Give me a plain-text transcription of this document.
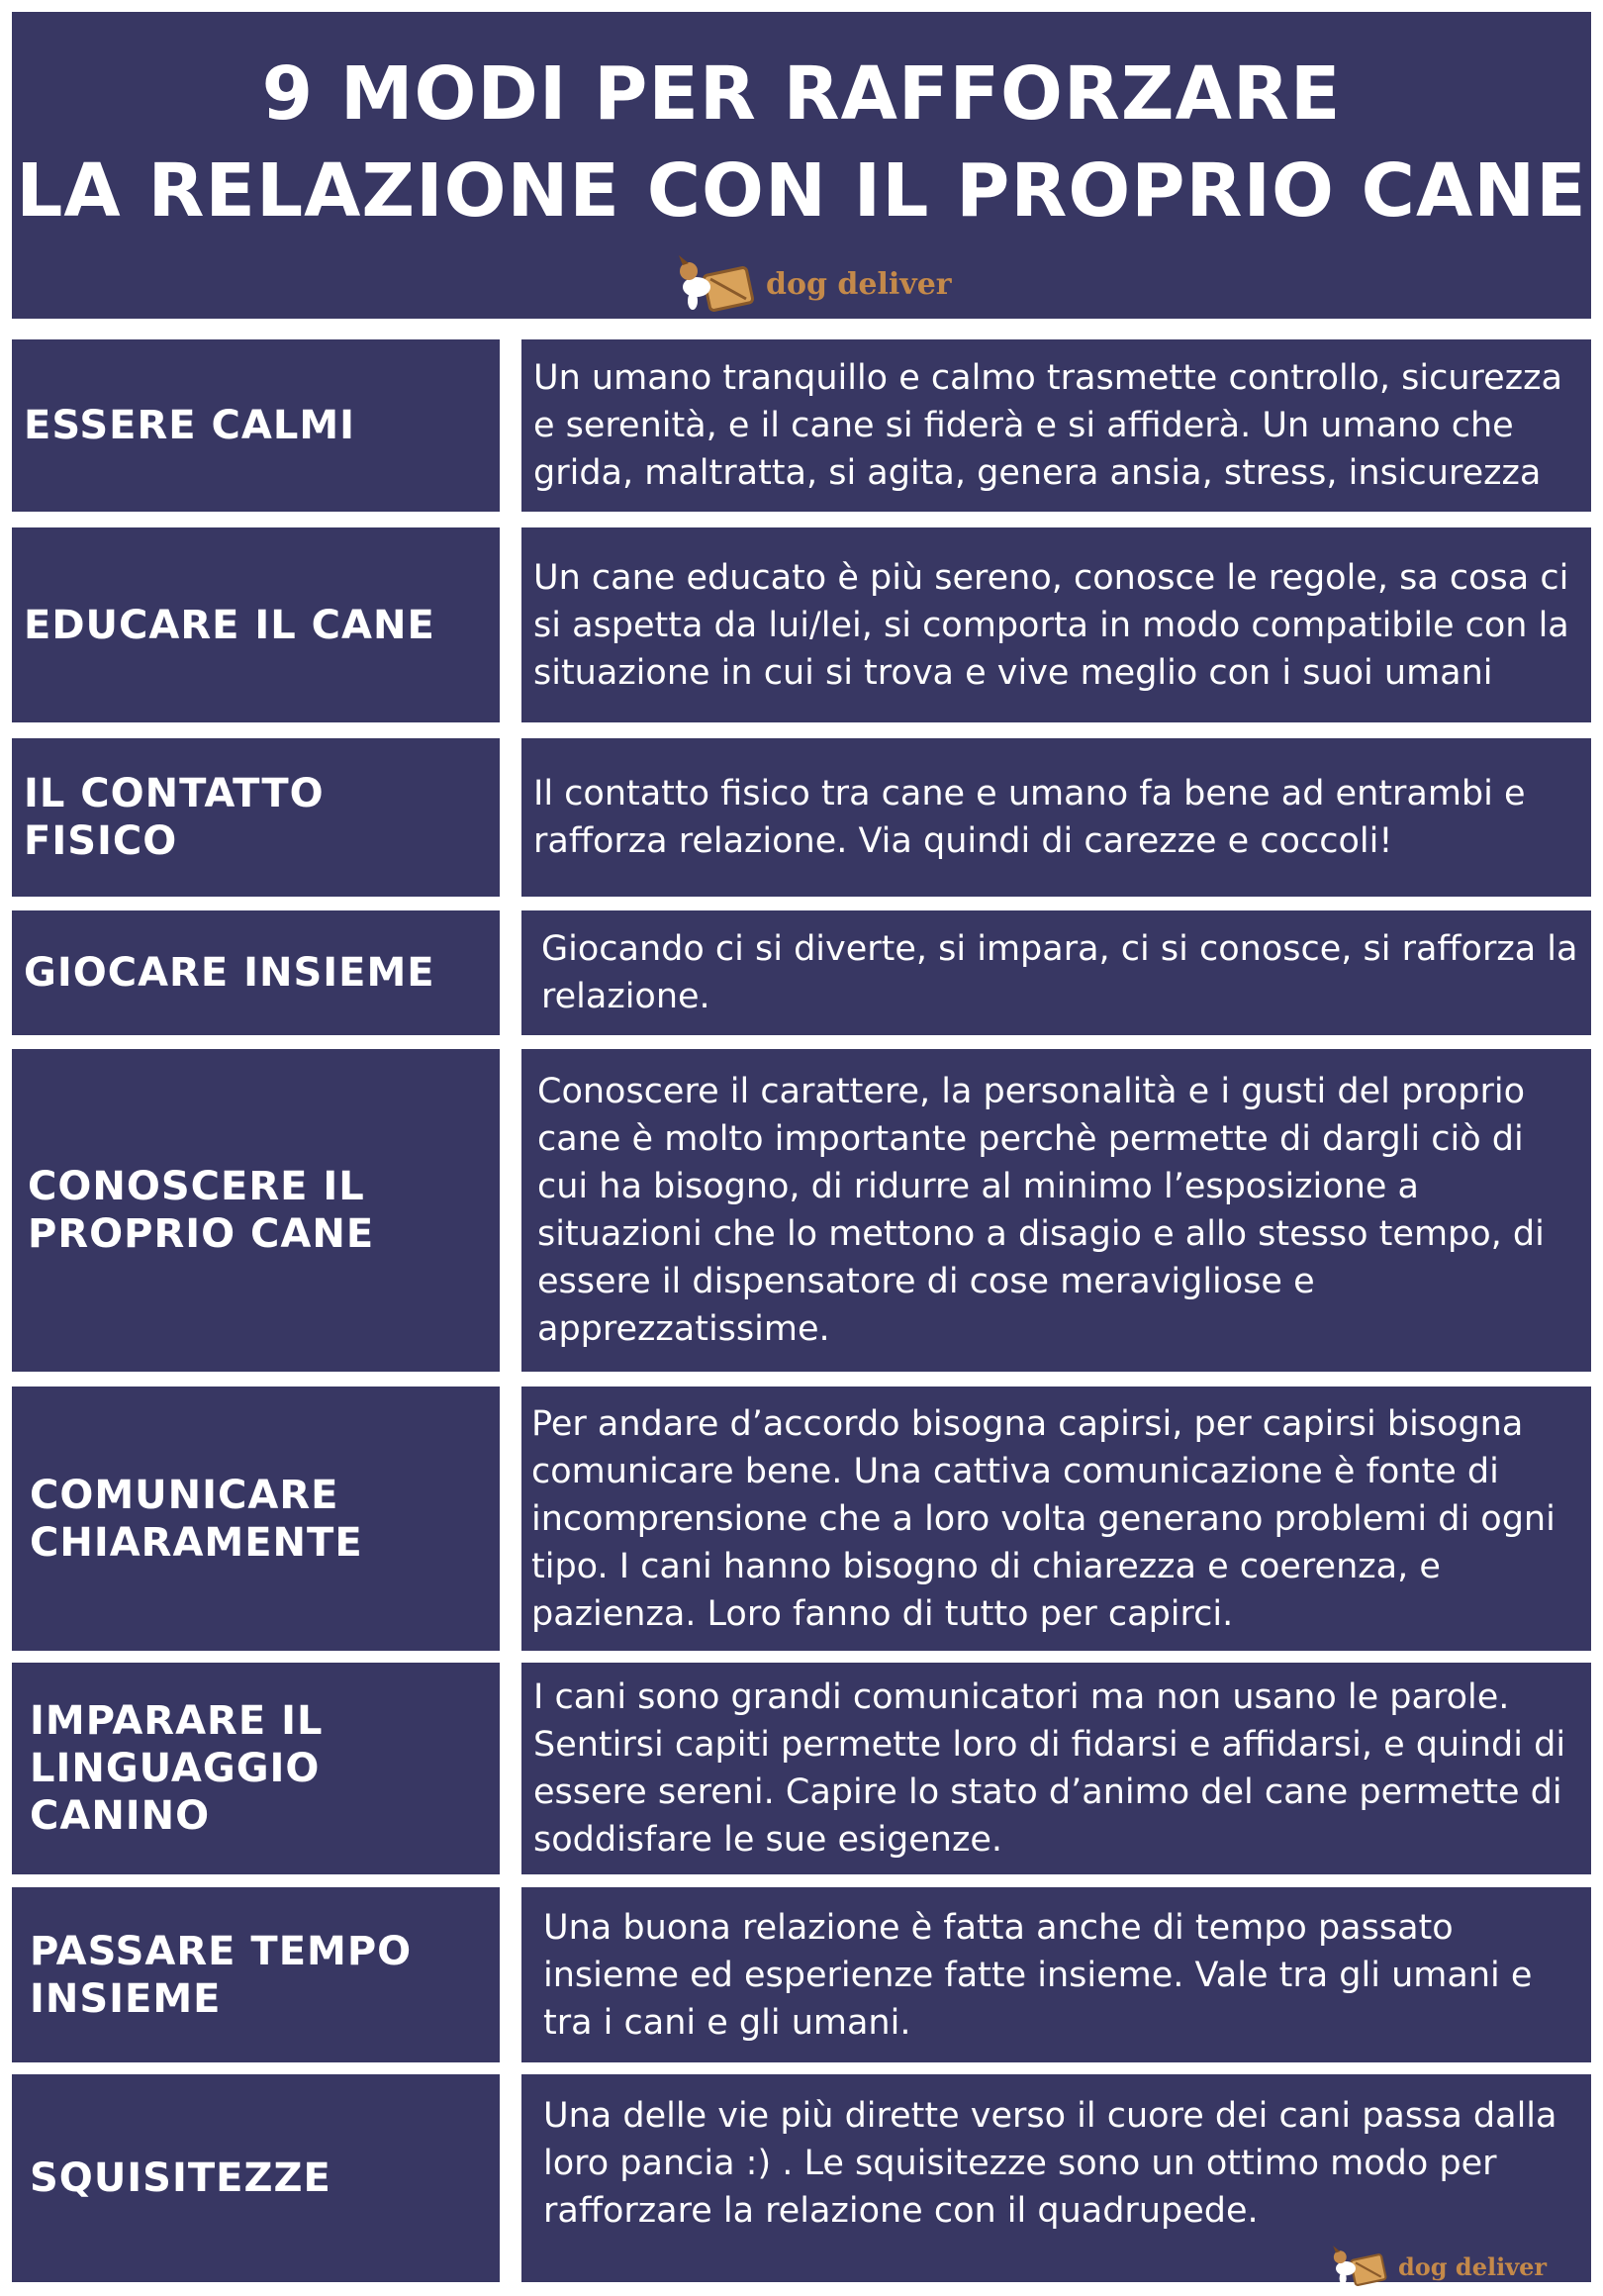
9 MODI PER RAFFORZARE
LA RELAZIONE CON IL PROPRIO CANE
dog deliver
ESSERE CALMI
Un umano tranquillo e calmo trasmette controllo, sicurezza e serenità, e il cane si fiderà e si affiderà. Un umano che grida, maltratta, si agita, genera ansia, stress, insicurezza
EDUCARE IL CANE
Un cane educato è più sereno, conosce le regole, sa cosa ci si aspetta da lui/lei, si comporta in modo compatibile con la situazione in cui si trova e vive meglio con i suoi umani
IL CONTATTO FISICO
Il contatto fisico tra cane e umano fa bene ad entrambi e rafforza relazione. Via quindi di carezze e coccoli!
GIOCARE INSIEME
Giocando ci si diverte, si impara, ci si conosce, si rafforza la relazione.
CONOSCERE IL
PROPRIO CANE
Conoscere il carattere, la personalità e i gusti del proprio cane è molto importante perchè permette di dargli ciò di cui ha bisogno, di ridurre al minimo l’esposizione a situazioni che lo mettono a disagio e allo stesso tempo, di essere il dispensatore di cose meravigliose e apprezzatissime.
COMUNICARE
CHIARAMENTE
Per andare d’accordo bisogna capirsi, per capirsi bisogna comunicare bene. Una cattiva comunicazione è fonte di incomprensione che a loro volta generano problemi di ogni tipo. I cani hanno bisogno di chiarezza e coerenza, e pazienza. Loro fanno di tutto per capirci.
IMPARARE IL
LINGUAGGIO
CANINO
I cani sono grandi comunicatori ma non usano le parole. Sentirsi capiti permette loro di fidarsi e affidarsi, e quindi di essere sereni. Capire lo stato d’animo del cane permette di soddisfare le sue esigenze.
PASSARE TEMPO
INSIEME
Una buona relazione è fatta anche di tempo passato insieme ed esperienze fatte insieme. Vale tra gli umani e tra i cani e gli umani.
SQUISITEZZE
Una delle vie più dirette verso il cuore dei cani passa dalla loro pancia :) . Le squisitezze sono un ottimo modo per rafforzare la relazione con il quadrupede.
dog deliver
